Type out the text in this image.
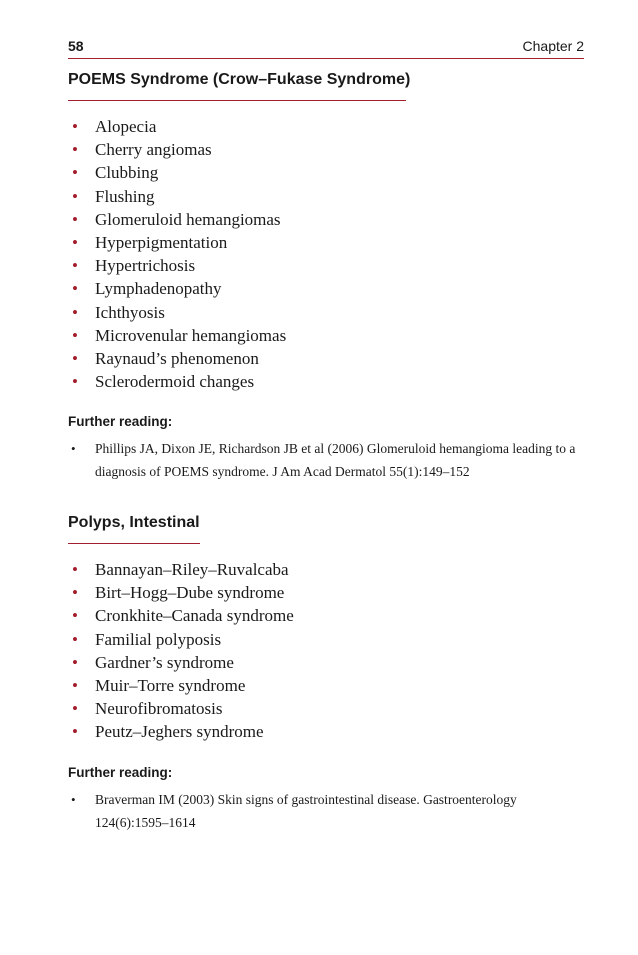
58	Chapter 2
POEMS Syndrome (Crow–Fukase Syndrome)
• Alopecia
• Cherry angiomas
• Clubbing
• Flushing
• Glomeruloid hemangiomas
• Hyperpigmentation
• Hypertrichosis
• Lymphadenopathy
• Ichthyosis
• Microvenular hemangiomas
• Raynaud’s phenomenon
• Sclerodermoid changes

Further reading:

• Phillips JA, Dixon JE, Richardson JB et al (2006) Glomeruloid hemangioma leading to a diagnosis of POEMS syndrome. J Am Acad Dermatol 55(1):149–152
Polyps, Intestinal
• Bannayan–Riley–Ruvalcaba
• Birt–Hogg–Dube syndrome
• Cronkhite–Canada syndrome
• Familial polyposis
• Gardner’s syndrome
• Muir–Torre syndrome
• Neurofibromatosis
• Peutz–Jeghers syndrome

Further reading:

• Braverman IM (2003) Skin signs of gastrointestinal disease. Gastroenterology 124(6):1595–1614
